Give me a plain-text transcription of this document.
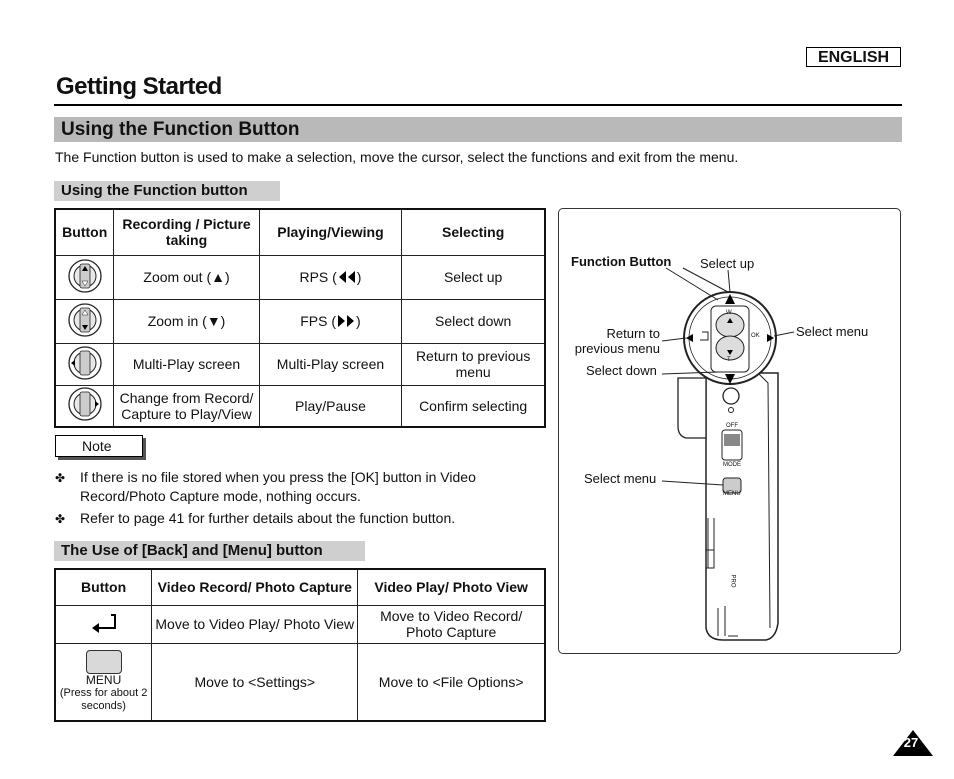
ENGLISH
Getting Started
Using the Function Button
The Function button is used to make a selection, move the cursor, select the functions and exit from the menu.
Using the Function button
Button	Recording / Picture taking	Playing/Viewing	Selecting
	Zoom out (▲)	RPS ( )	Select up
	Zoom in (▼)	FPS ( )	Select down
	Multi-Play screen	Multi-Play screen	Return to previous menu
	Change from Record/ Capture to Play/View	Play/Pause	Confirm selecting
Note
✤	If there is no file stored when you press the [OK] button in Video Record/Photo Capture mode, nothing occurs.
✤	Refer to page 41 for further details about the function button.
The Use of [Back] and [Menu] button
Button	Video Record/ Photo Capture	Video Play/ Photo View
	Move to Video Play/ Photo View	Move to Video Record/ Photo Capture

MENU
(Press for about 2 seconds)	Move to <Settings>	Move to <File Options>
Function Button Select up
Return to previous menu
Select menu
Select down
Select menu
W
T
OK
OFF
MODE
MENU
PRO
27
